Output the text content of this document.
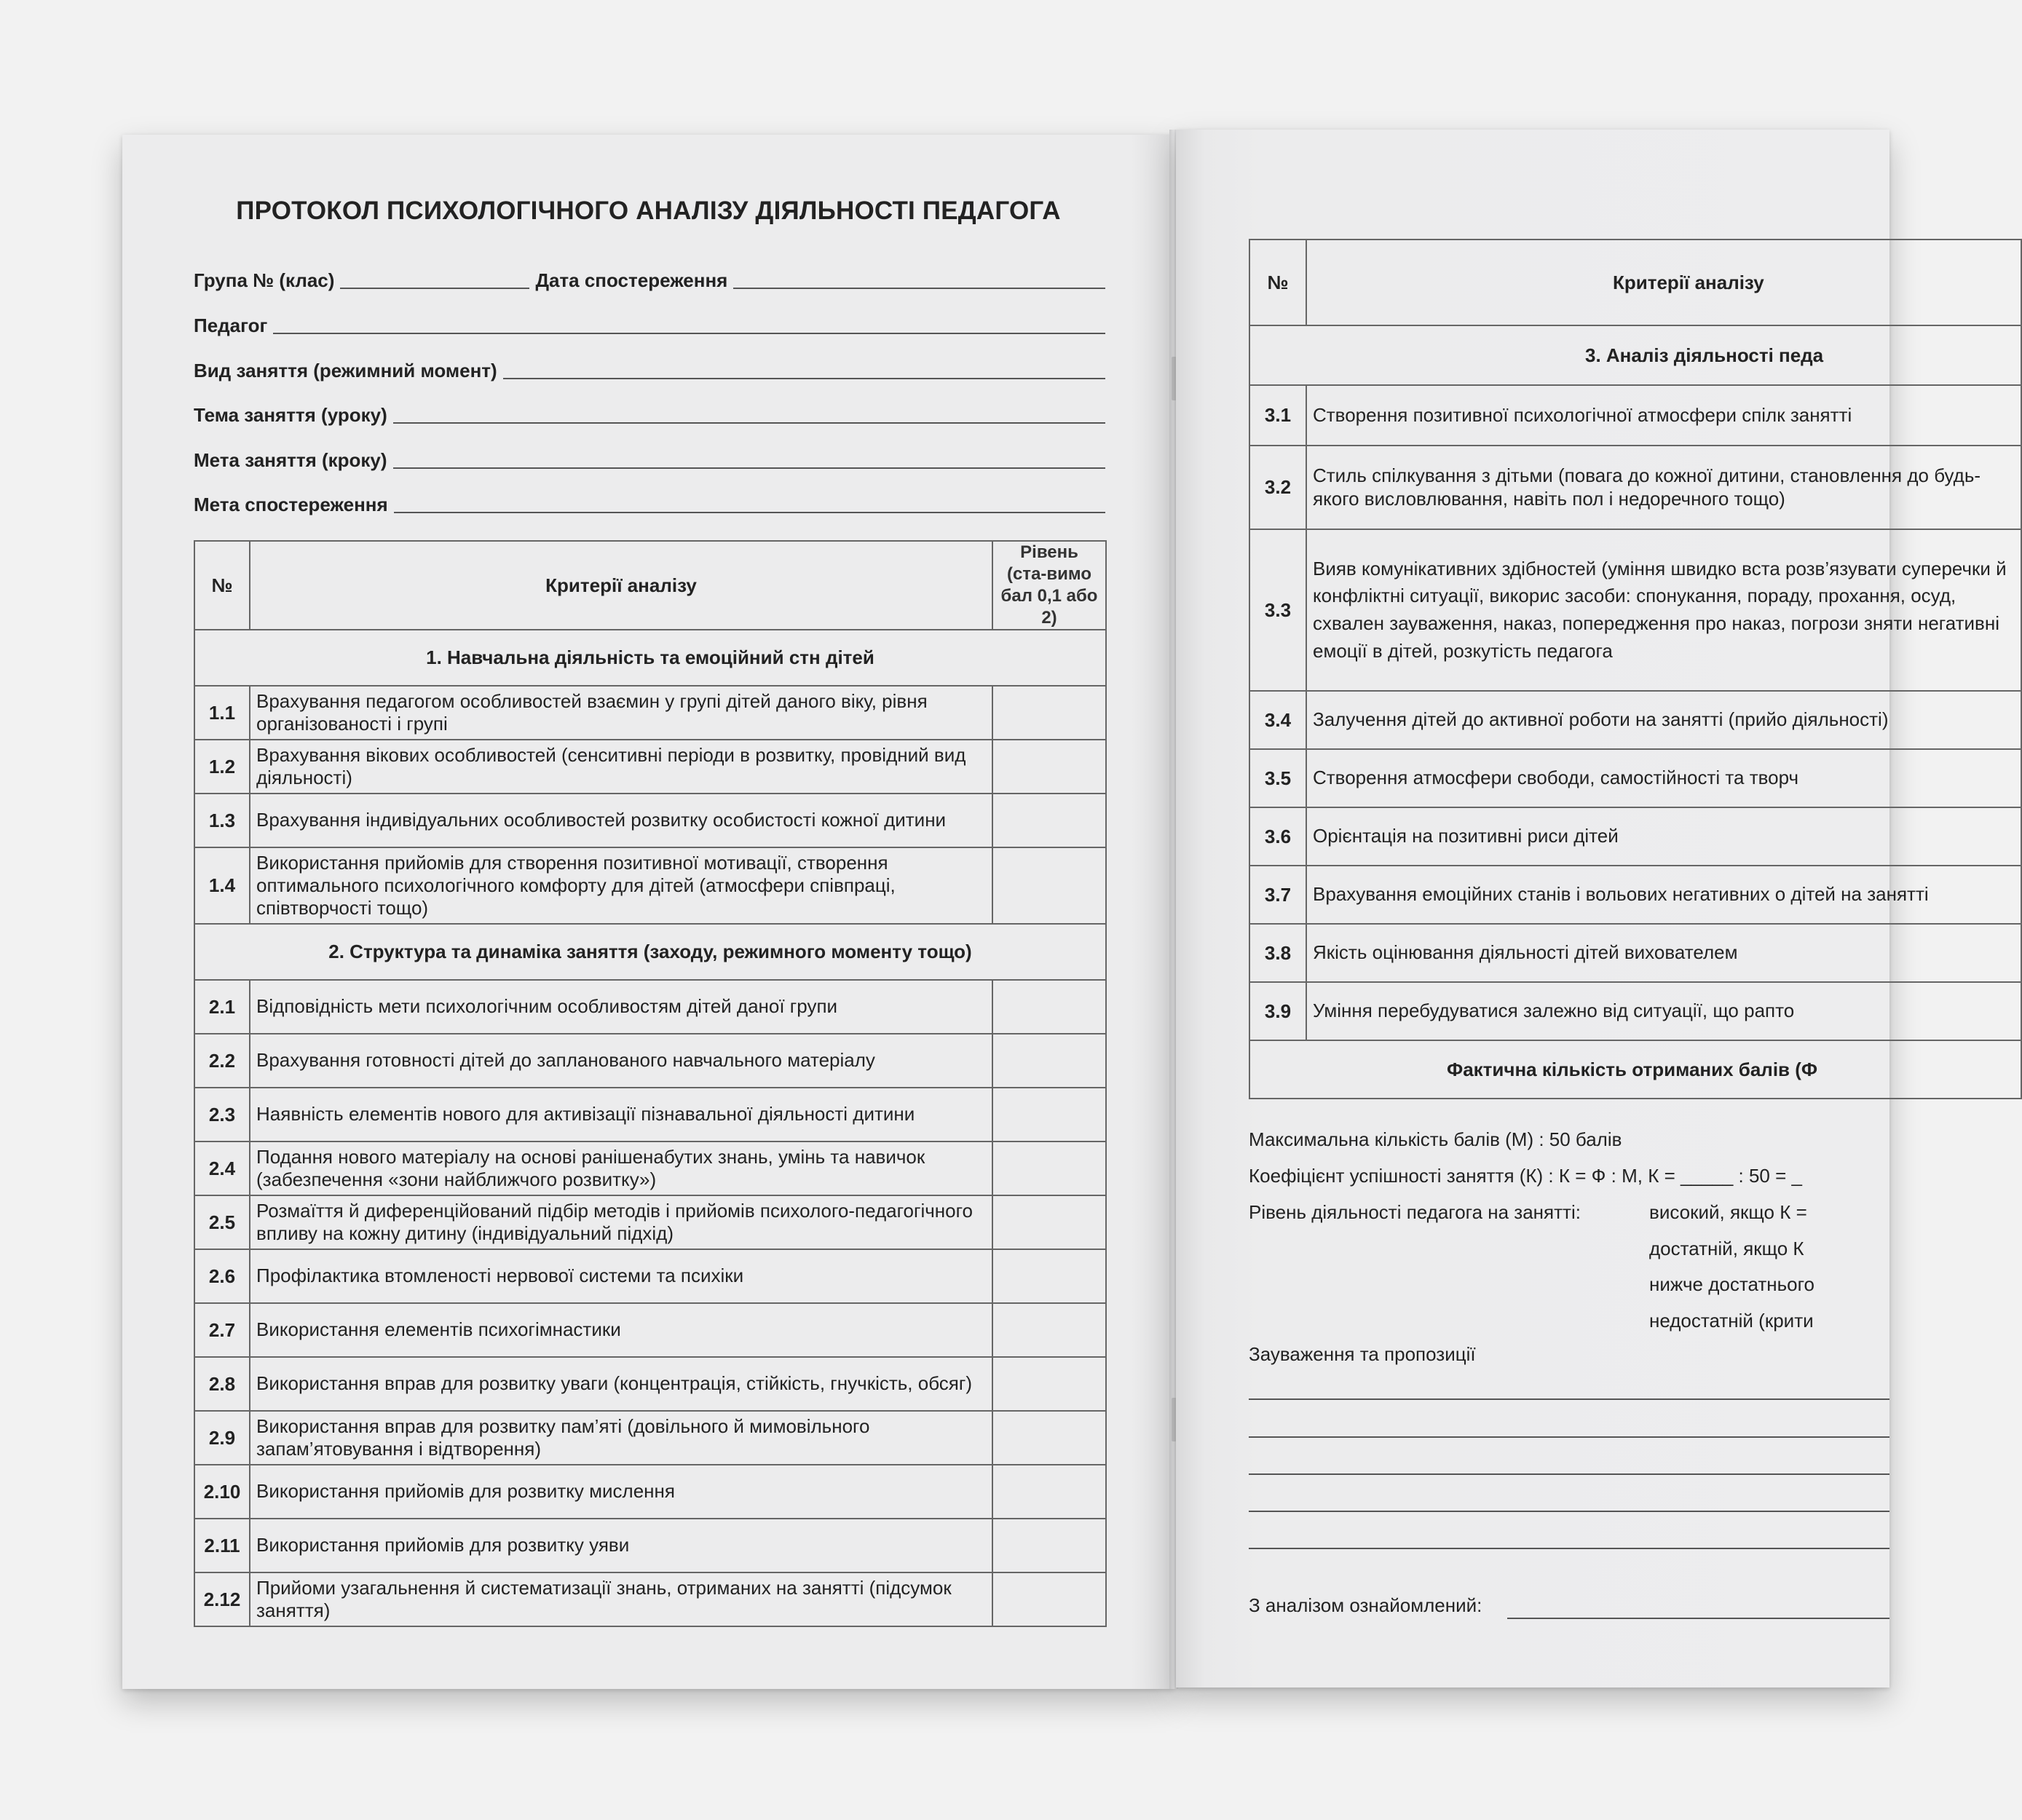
ПРОТОКОЛ ПСИХОЛОГІЧНОГО АНАЛІЗУ ДІЯЛЬНОСТІ ПЕДАГОГА
Група № (клас)	Дата спостереження
Педагог
Вид заняття (режимний момент)
Тема заняття (уроку)
Мета заняття (кроку)
Мета спостереження
№	Критерії аналізу	Рівень (ста-вимо бал 0,1 або 2)
1. Навчальна діяльність та емоційний стн дітей		
1.1	Врахування педагогом особливостей взаємин у групі дітей даного віку, рівня організованості і групі	
1.2	Врахування вікових особливостей (сенситивні періоди в розвитку, провідний вид діяльності)	
1.3	Врахування індивідуальних особливостей розвитку особистості кожної дитини	
1.4	Використання прийомів для створення позитивної мотивації, створення оптимального психологічного комфорту для дітей (атмосфери співпраці, співтворчості тощо)	
2. Структура та динаміка заняття (заходу, режимного моменту тощо)		
2.1	Відповідність мети психологічним особливостям дітей даної групи	
2.2	Врахування готовності дітей до запланованого навчального матеріалу	
2.3	Наявність елементів нового для активізації пізнавальної діяльності дитини	
2.4	Подання нового матеріалу на основі ранішенабутих знань, умінь та навичок (забезпечення «зони найближчого розвитку»)	
2.5	Розмаїття й диференційований підбір методів і прийомів психолого-педагогічного впливу на кожну дитину (індивідуальний підхід)	
2.6	Профілактика втомленості нервової системи та психіки	
2.7	Використання елементів психогімнастики	
2.8	Використання вправ для розвитку уваги (концентрація, стійкість, гнучкість, обсяг)	
2.9	Використання вправ для розвитку пам’яті (довільного й мимовільного запам’ятовування і відтворення)	
2.10	Використання прийомів для розвитку мислення	
2.11	Використання прийомів для розвитку уяви	
2.12	Прийоми узагальнення й систематизації знань, отриманих на занятті (підсумок заняття)	
№	Критерії аналізу
3. Аналіз діяльності педа	
3.1	Створення позитивної психологічної атмосфери спілк занятті
3.2	Стиль спілкування з дітьми (повага до кожної дитини, становлення до будь-якого висловлювання, навіть пол і недоречного тощо)
3.3	Вияв комунікативних здібностей (уміння швидко вста розв’язувати суперечки й конфліктні ситуації, викорис засоби: спонукання, пораду, прохання, осуд, схвален зауваження, наказ, попередження про наказ, погрози зняти негативні емоції в дітей, розкутість педагога
3.4	Залучення дітей до активної роботи на занятті (прийо діяльності)
3.5	Створення атмосфери свободи, самостійності та творч
3.6	Орієнтація на позитивні риси дітей
3.7	Врахування емоційних станів і вольових негативних о дітей на занятті
3.8	Якість оцінювання діяльності дітей вихователем
3.9	Уміння перебудуватися залежно від ситуації, що рапто
Фактична кількість отриманих балів (Ф	
Максимальна кількість балів (М) : 50 балів
Коефіцієнт успішності заняття (К) : К = Ф : М, К = _____ : 50 = _
Рівень діяльності педагога на занятті:	високий, якщо К =
достатній, якщо К
нижче достатнього
недостатній (крити
Зауваження та пропозиції
З аналізом ознайомлений:
